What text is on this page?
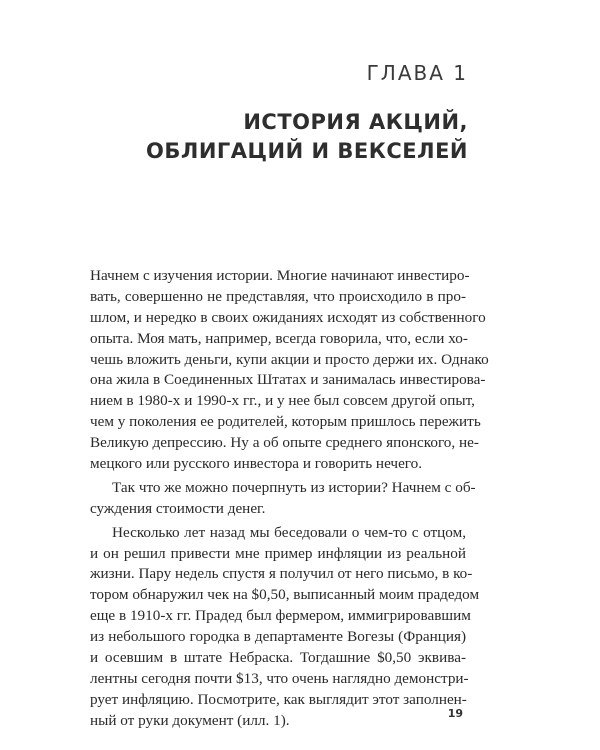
ГЛАВА 1
ИСТОРИЯ АКЦИЙ,
ОБЛИГАЦИЙ И ВЕКСЕЛЕЙ
Начнем с изучения истории. Многие начинают инвестиро-
вать, совершенно не представляя, что происходило в про-
шлом, и нередко в своих ожиданиях исходят из собственного
опыта. Моя мать, например, всегда говорила, что, если хо-
чешь вложить деньги, купи акции и просто держи их. Однако
она жила в Соединенных Штатах и занималась инвестирова-
нием в 1980-х и 1990-х гг., и у нее был совсем другой опыт,
чем у поколения ее родителей, которым пришлось пережить
Великую депрессию. Ну а об опыте среднего японского, не-
мецкого или русского инвестора и говорить нечего.
Так что же можно почерпнуть из истории? Начнем с об-
суждения стоимости денег.
Несколько лет назад мы беседовали о чем-то с отцом,
и он решил привести мне пример инфляции из реальной
жизни. Пару недель спустя я получил от него письмо, в ко-
тором обнаружил чек на $0,50, выписанный моим прадедом
еще в 1910-х гг. Прадед был фермером, иммигрировавшим
из небольшого городка в департаменте Вогезы (Франция)
и осевшим в штате Небраска. Тогдашние $0,50 эквива-
лентны сегодня почти $13, что очень наглядно демонстри-
рует инфляцию. Посмотрите, как выглядит этот заполнен-
ный от руки документ (илл. 1).	19
